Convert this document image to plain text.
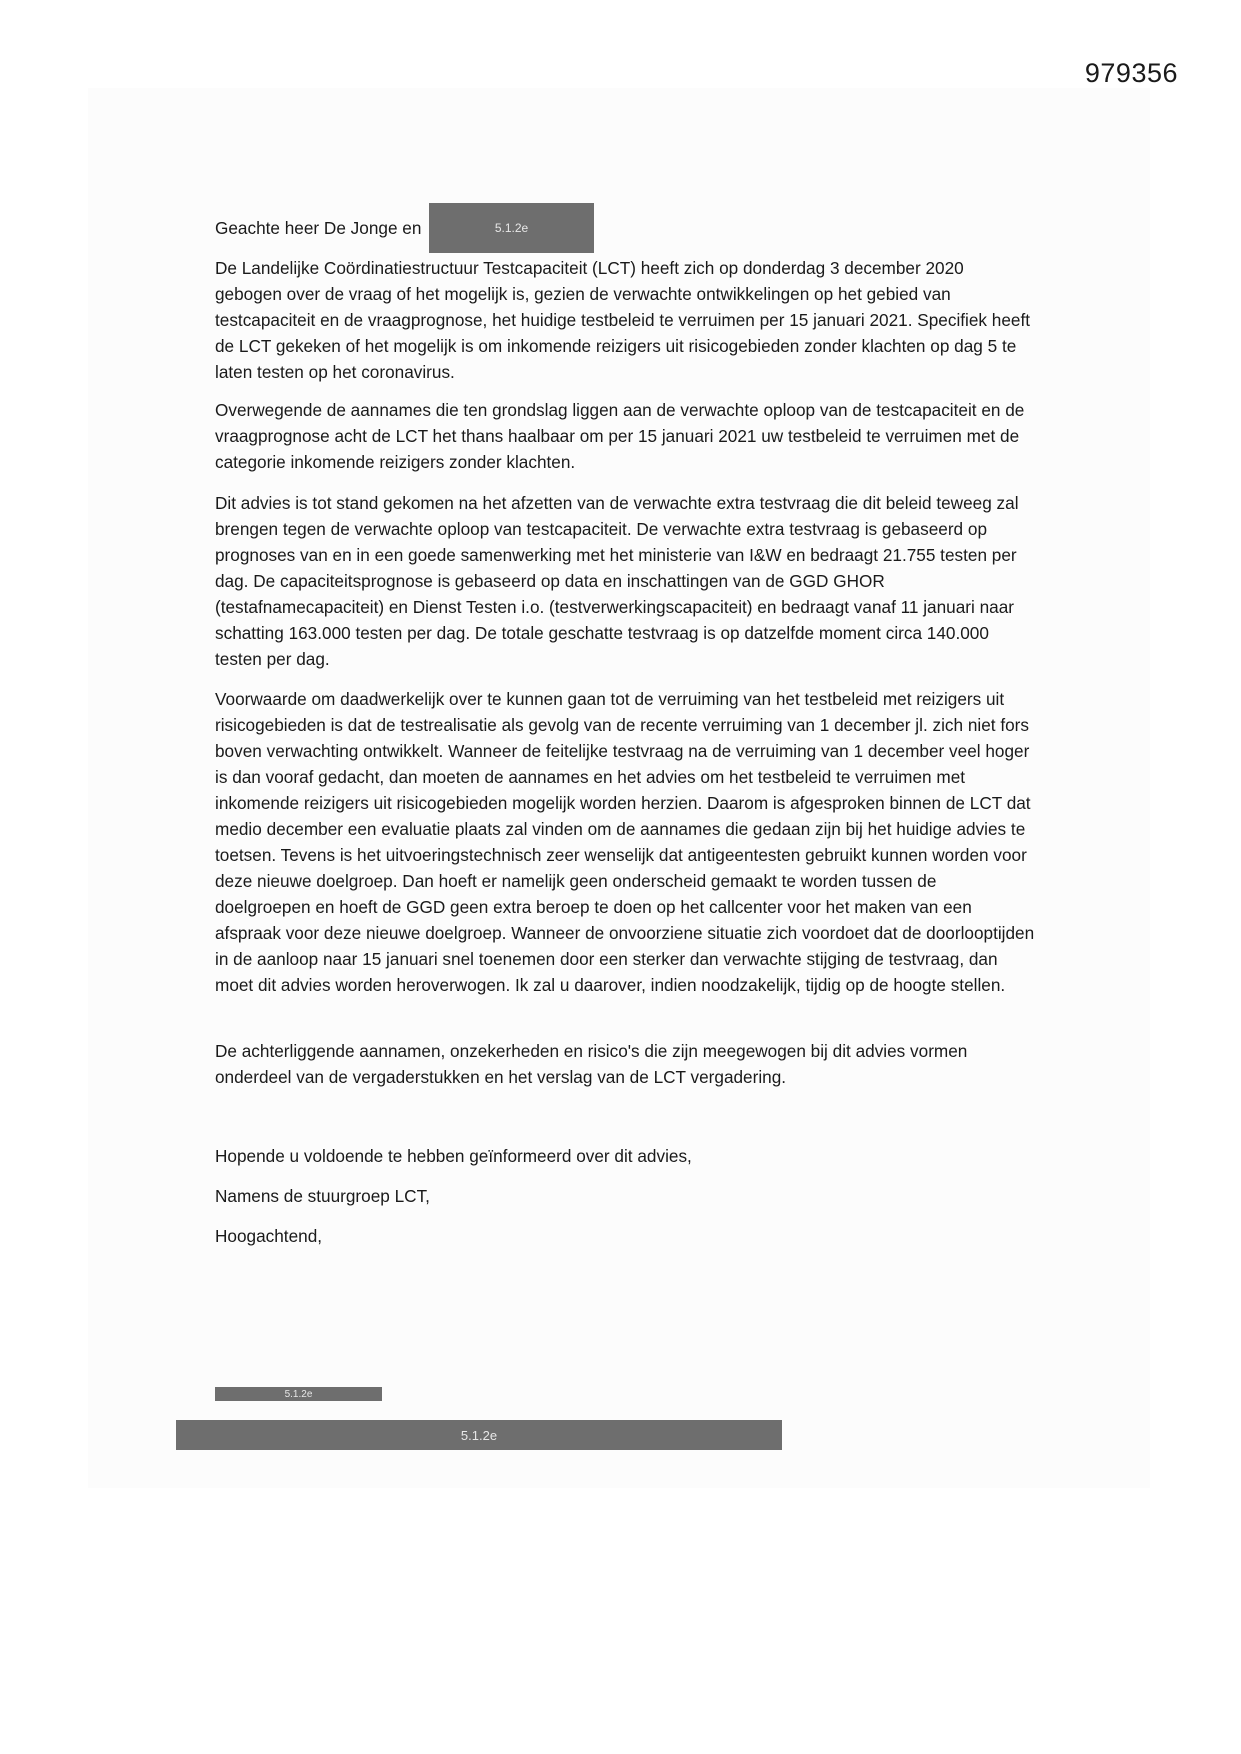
979356
Geachte heer De Jonge en	5.1.2e

De Landelijke Coördinatiestructuur Testcapaciteit (LCT) heeft zich op donderdag 3 december 2020 gebogen over de vraag of het mogelijk is, gezien de verwachte ontwikkelingen op het gebied van testcapaciteit en de vraagprognose, het huidige testbeleid te verruimen per 15 januari 2021. Specifiek heeft de LCT gekeken of het mogelijk is om inkomende reizigers uit risicogebieden zonder klachten op dag 5 te laten testen op het coronavirus.

Overwegende de aannames die ten grondslag liggen aan de verwachte oploop van de testcapaciteit en de vraagprognose acht de LCT het thans haalbaar om per 15 januari 2021 uw testbeleid te verruimen met de categorie inkomende reizigers zonder klachten.

Dit advies is tot stand gekomen na het afzetten van de verwachte extra testvraag die dit beleid teweeg zal brengen tegen de verwachte oploop van testcapaciteit. De verwachte extra testvraag is gebaseerd op prognoses van en in een goede samenwerking met het ministerie van I&W en bedraagt 21.755 testen per dag. De capaciteitsprognose is gebaseerd op data en inschattingen van de GGD GHOR (testafnamecapaciteit) en Dienst Testen i.o. (testverwerkingscapaciteit) en bedraagt vanaf 11 januari naar schatting 163.000 testen per dag. De totale geschatte testvraag is op datzelfde moment circa 140.000 testen per dag.

Voorwaarde om daadwerkelijk over te kunnen gaan tot de verruiming van het testbeleid met reizigers uit risicogebieden is dat de testrealisatie als gevolg van de recente verruiming van 1 december jl. zich niet fors boven verwachting ontwikkelt. Wanneer de feitelijke testvraag na de verruiming van 1 december veel hoger is dan vooraf gedacht, dan moeten de aannames en het advies om het testbeleid te verruimen met inkomende reizigers uit risicogebieden mogelijk worden herzien. Daarom is afgesproken binnen de LCT dat medio december een evaluatie plaats zal vinden om de aannames die gedaan zijn bij het huidige advies te toetsen. Tevens is het uitvoeringstechnisch zeer wenselijk dat antigeentesten gebruikt kunnen worden voor deze nieuwe doelgroep. Dan hoeft er namelijk geen onderscheid gemaakt te worden tussen de doelgroepen en hoeft de GGD geen extra beroep te doen op het callcenter voor het maken van een afspraak voor deze nieuwe doelgroep. Wanneer de onvoorziene situatie zich voordoet dat de doorlooptijden in de aanloop naar 15 januari snel toenemen door een sterker dan verwachte stijging de testvraag, dan moet dit advies worden heroverwogen. Ik zal u daarover, indien noodzakelijk, tijdig op de hoogte stellen.

De achterliggende aannamen, onzekerheden en risico's die zijn meegewogen bij dit advies vormen onderdeel van de vergaderstukken en het verslag van de LCT vergadering.

Hopende u voldoende te hebben geïnformeerd over dit advies,

Namens de stuurgroep LCT,

Hoogachtend,

5.1.2e
5.1.2e
